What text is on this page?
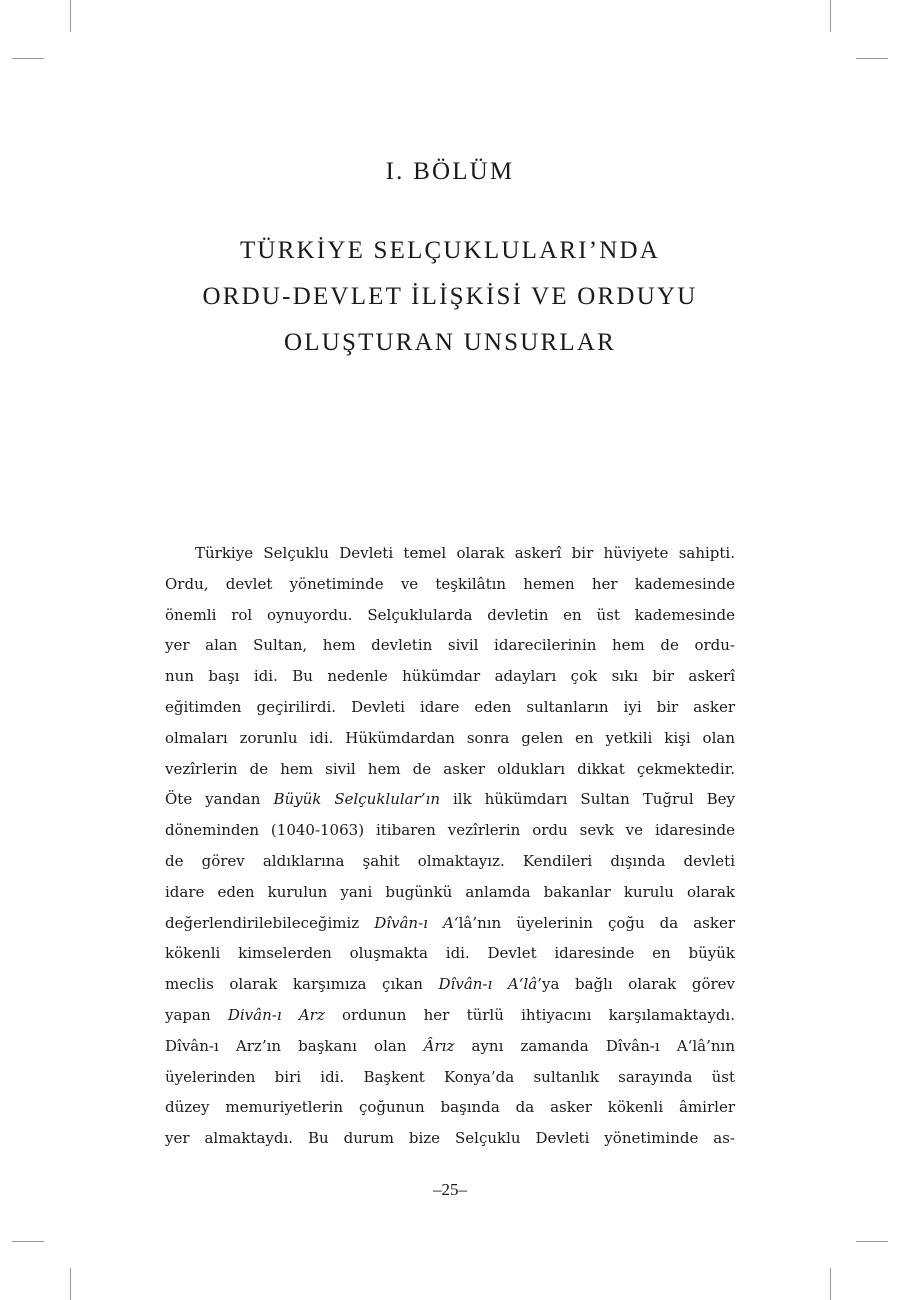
I. BÖLÜM
TÜRKİYE SELÇUKLULARI’NDA
ORDU-DEVLET İLİŞKİSİ VE ORDUYU
OLUŞTURAN UNSURLAR
Türkiye Selçuklu Devleti temel olarak askerî bir hüviyete sahipti.
Ordu, devlet yönetiminde ve teşkilâtın hemen her kademesinde
önemli rol oynuyordu. Selçuklularda devletin en üst kademesinde
yer alan Sultan, hem devletin sivil idarecilerinin hem de ordu-
nun başı idi. Bu nedenle hükümdar adayları çok sıkı bir askerî
eğitimden geçirilirdi. Devleti idare eden sultanların iyi bir asker
olmaları zorunlu idi. Hükümdardan sonra gelen en yetkili kişi olan
vezîrlerin de hem sivil hem de asker oldukları dikkat çekmektedir.
Öte yandan Büyük Selçuklular’ın ilk hükümdarı Sultan Tuğrul Bey
döneminden (1040-1063) itibaren vezîrlerin ordu sevk ve idaresinde
de görev aldıklarına şahit olmaktayız. Kendileri dışında devleti
idare eden kurulun yani bugünkü anlamda bakanlar kurulu olarak
değerlendirilebileceğimiz Dîvân-ı A‘lâ’nın üyelerinin çoğu da asker
kökenli kimselerden oluşmakta idi. Devlet idaresinde en büyük
meclis olarak karşımıza çıkan Dîvân-ı A‘lâ’ya bağlı olarak görev
yapan Divân-ı Arz ordunun her türlü ihtiyacını karşılamaktaydı.
Dîvân-ı Arz’ın başkanı olan Ârız aynı zamanda Dîvân-ı A‘lâ’nın
üyelerinden biri idi. Başkent Konya’da sultanlık sarayında üst
düzey memuriyetlerin çoğunun başında da asker kökenli âmirler
yer almaktaydı. Bu durum bize Selçuklu Devleti yönetiminde as-
–25–
